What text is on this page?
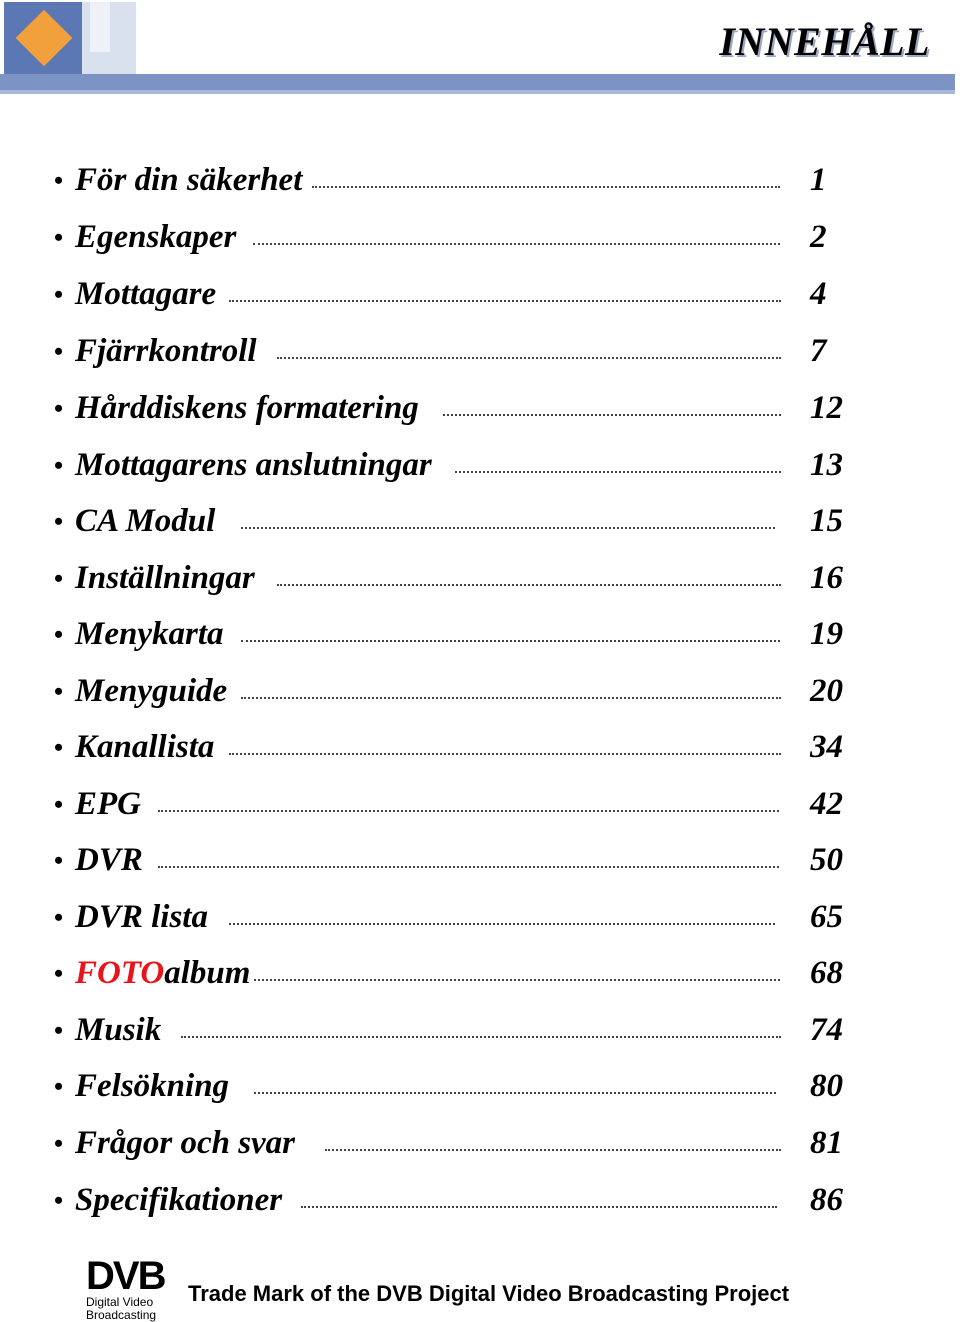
INNEHÅLL
• För din säkerhet	1
• Egenskaper	2
• Mottagare	4
• Fjärrkontroll	7
• Hårddiskens formatering	12
• Mottagarens anslutningar	13
• CA Modul	15
• Inställningar	16
• Menykarta	19
• Menyguide	20
• Kanallista	34
• EPG	42
• DVR	50
• DVR lista	65
• FOTOalbum	68
• Musik	74
• Felsökning	80
• Frågor och svar	81
• Specifikationer	86
DVB
Digital Video
Broadcasting
Trade Mark of the DVB Digital Video Broadcasting Project
